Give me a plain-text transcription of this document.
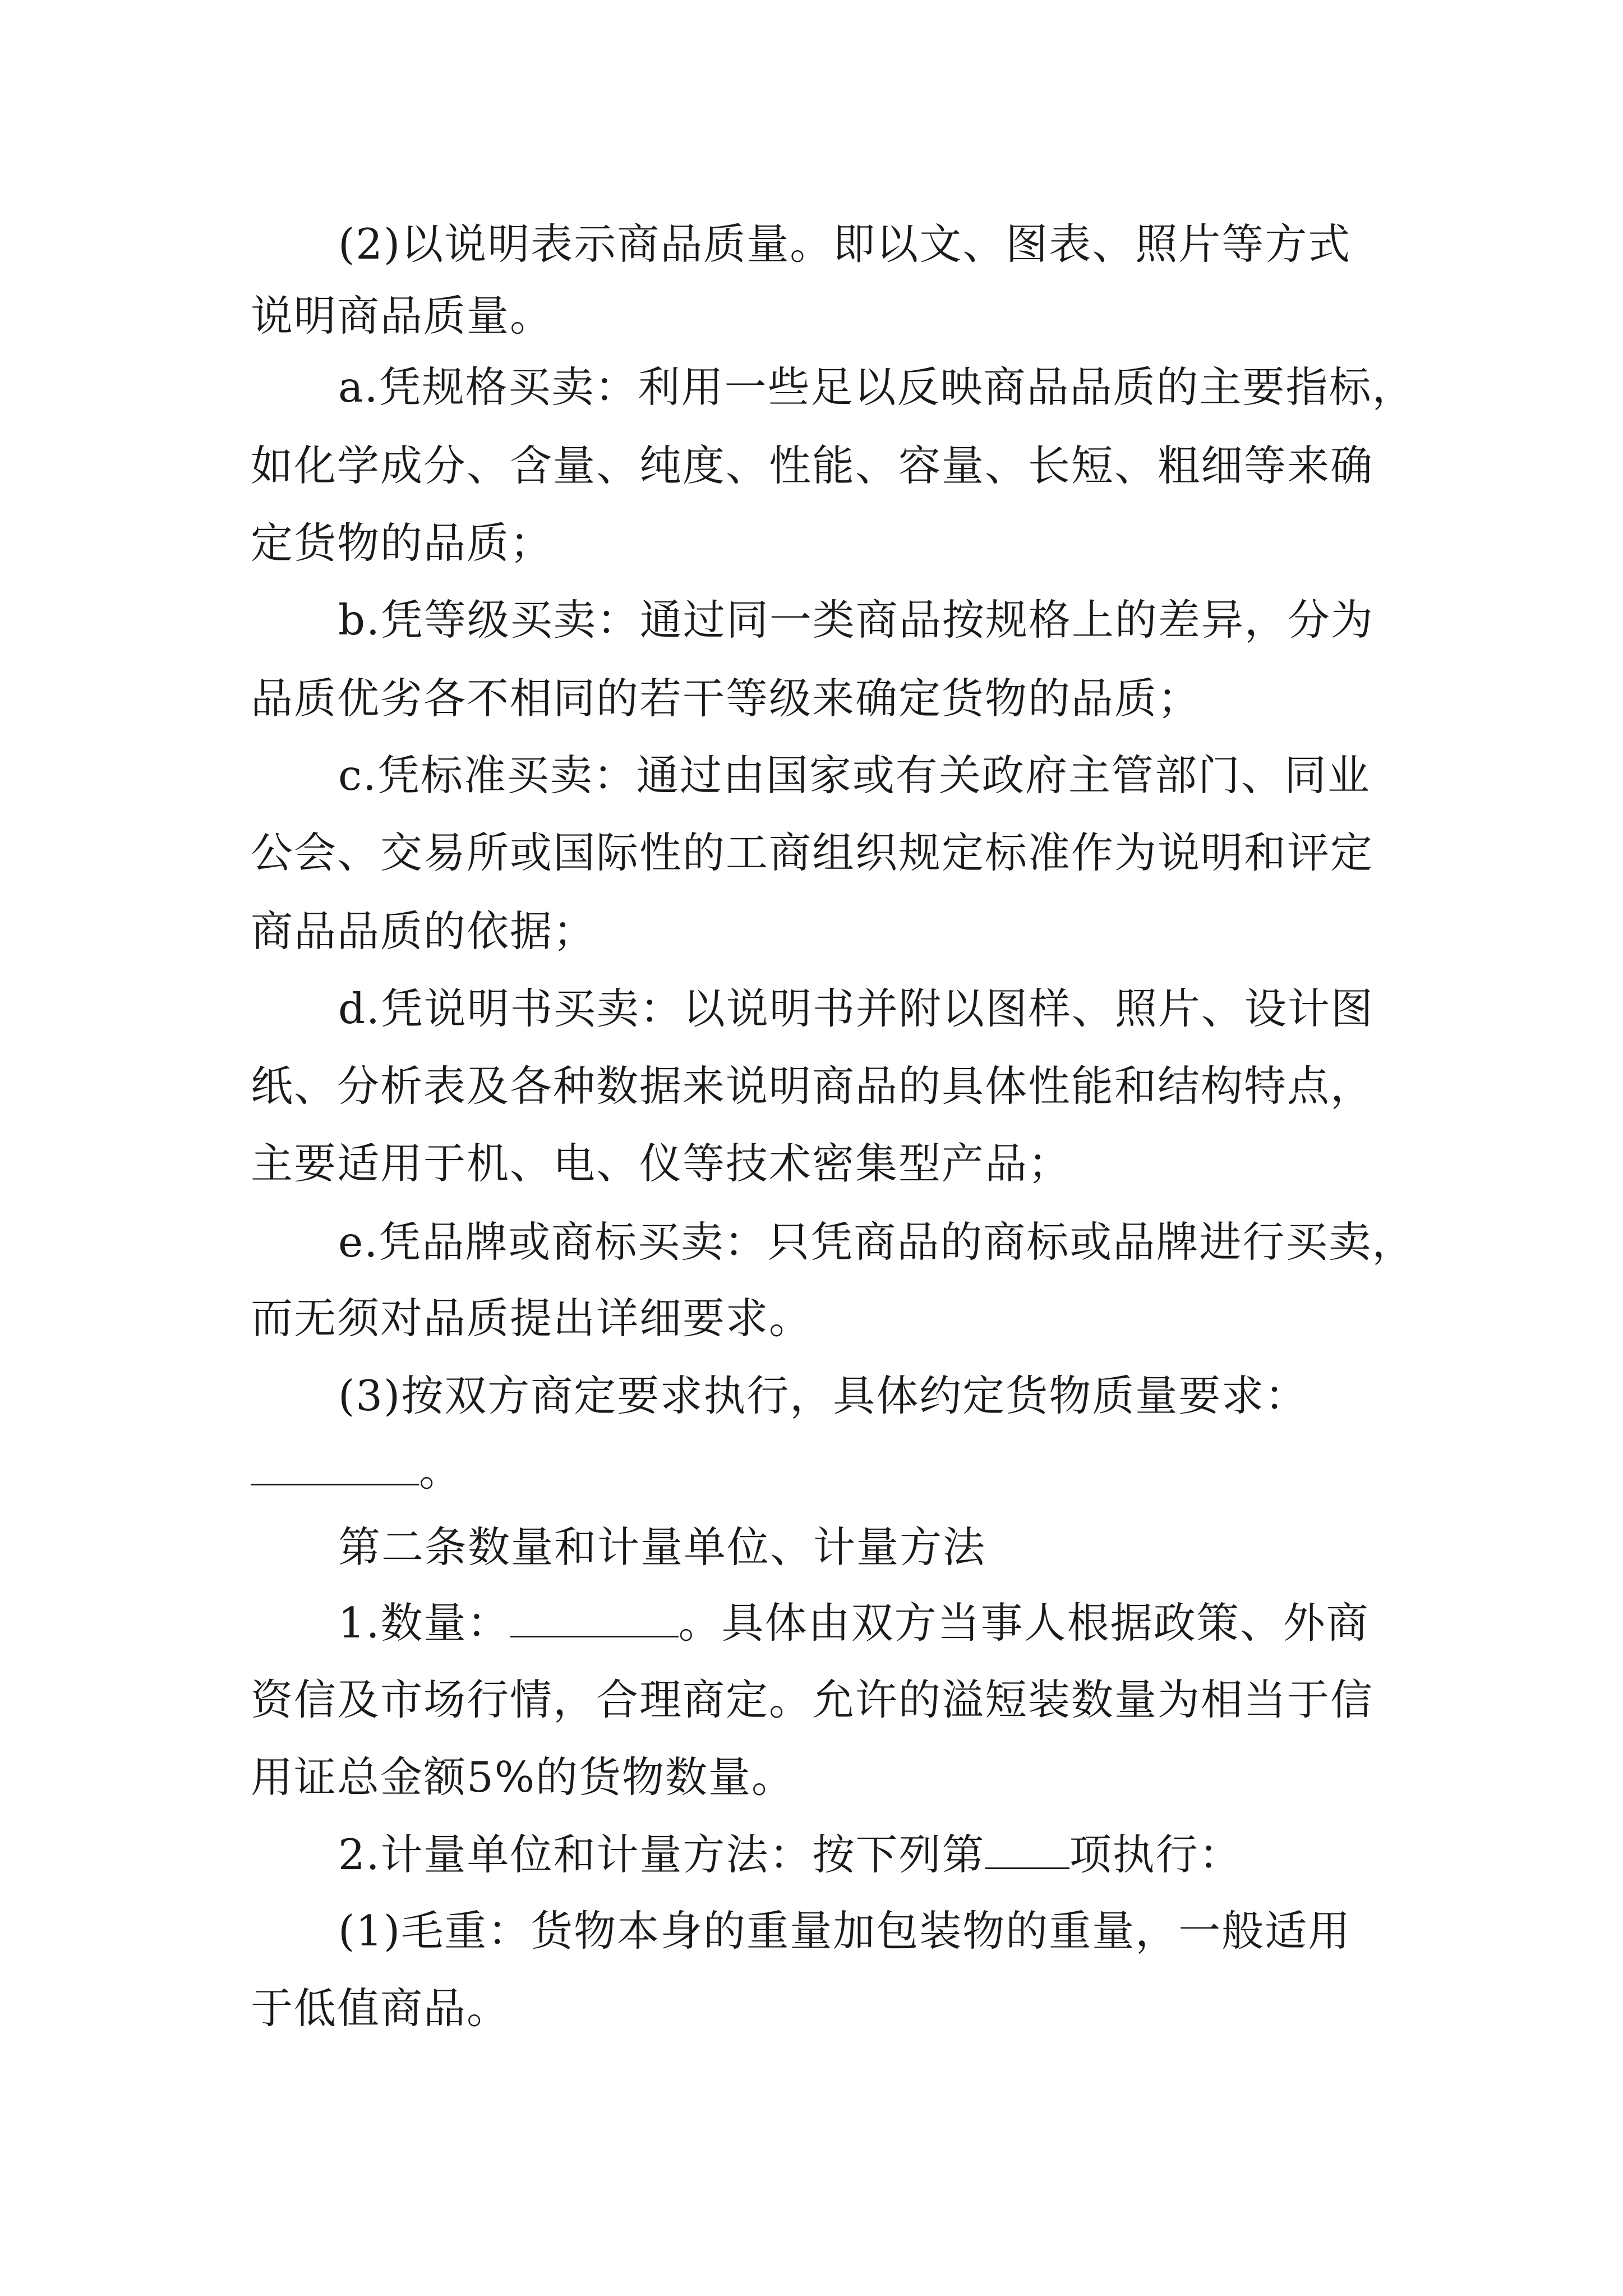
(2)以说明表示商品质量。即以文、图表、照片等方式
说明商品质量。
a.凭规格买卖：利用一些足以反映商品品质的主要指标，
如化学成分、含量、纯度、性能、容量、长短、粗细等来确
定货物的品质；
b.凭等级买卖：通过同一类商品按规格上的差异，分为
品质优劣各不相同的若干等级来确定货物的品质；
c.凭标准买卖：通过由国家或有关政府主管部门、同业
公会、交易所或国际性的工商组织规定标准作为说明和评定
商品品质的依据；
d.凭说明书买卖：以说明书并附以图样、照片、设计图
纸、分析表及各种数据来说明商品的具体性能和结构特点，
主要适用于机、电、仪等技术密集型产品；
e.凭品牌或商标买卖：只凭商品的商标或品牌进行买卖，
而无须对品质提出详细要求。
(3)按双方商定要求执行，具体约定货物质量要求：
。
第二条数量和计量单位、计量方法
1.数量：	。具体由双方当事人根据政策、外商
资信及市场行情，合理商定。允许的溢短装数量为相当于信
用证总金额5%的货物数量。
2.计量单位和计量方法：按下列第 项执行：
(1)毛重：货物本身的重量加包装物的重量，一般适用
于低值商品。
